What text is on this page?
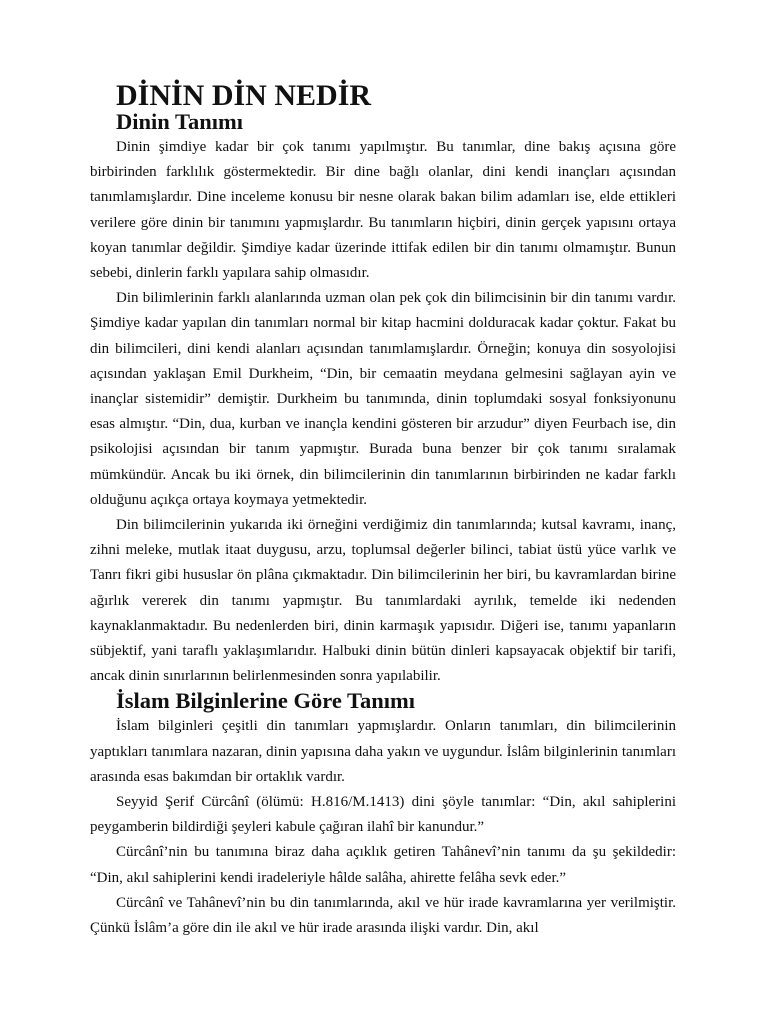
DİNİN DİN NEDİR
Dinin Tanımı

Dinin şimdiye kadar bir çok tanımı yapılmıştır. Bu tanımlar, dine bakış açısına göre birbirinden farklılık göstermektedir. Bir dine bağlı olanlar, dini kendi inançları açısından tanımlamışlardır. Dine inceleme konusu bir nesne olarak bakan bilim adamları ise, elde ettikleri verilere göre dinin bir tanımını yapmışlardır. Bu tanımların hiçbiri, dinin gerçek yapısını ortaya koyan tanımlar değildir. Şimdiye kadar üzerinde ittifak edilen bir din tanımı olmamıştır. Bunun sebebi, dinlerin farklı yapılara sahip olmasıdır.

Din bilimlerinin farklı alanlarında uzman olan pek çok din bilimcisinin bir din tanımı vardır. Şimdiye kadar yapılan din tanımları normal bir kitap hacmini dolduracak kadar çoktur. Fakat bu din bilimcileri, dini kendi alanları açısından tanımlamışlardır. Örneğin; konuya din sosyolojisi açısından yaklaşan Emil Durkheim, “Din, bir cemaatin meydana gelmesini sağlayan ayin ve inançlar sistemidir” demiştir. Durkheim bu tanımında, dinin toplumdaki sosyal fonksiyonunu esas almıştır. “Din, dua, kurban ve inançla kendini gösteren bir arzudur” diyen Feurbach ise, din psikolojisi açısından bir tanım yapmıştır. Burada buna benzer bir çok tanımı sıralamak mümkündür. Ancak bu iki örnek, din bilimcilerinin din tanımlarının birbirinden ne kadar farklı olduğunu açıkça ortaya koymaya yetmektedir.

Din bilimcilerinin yukarıda iki örneğini verdiğimiz din tanımlarında; kutsal kavramı, inanç, zihni meleke, mutlak itaat duygusu, arzu, toplumsal değerler bilinci, tabiat üstü yüce varlık ve Tanrı fikri gibi hususlar ön plâna çıkmaktadır. Din bilimcilerinin her biri, bu kavramlardan birine ağırlık vererek din tanımı yapmıştır. Bu tanımlardaki ayrılık, temelde iki nedenden kaynaklanmaktadır. Bu nedenlerden biri, dinin karmaşık yapısıdır. Diğeri ise, tanımı yapanların sübjektif, yani taraflı yaklaşımlarıdır. Halbuki dinin bütün dinleri kapsayacak objektif bir tarifi, ancak dinin sınırlarının belirlenmesinden sonra yapılabilir.

İslam Bilginlerine Göre Tanımı

İslam bilginleri çeşitli din tanımları yapmışlardır. Onların tanımları, din bilimcilerinin yaptıkları tanımlara nazaran, dinin yapısına daha yakın ve uygundur. İslâm bilginlerinin tanımları arasında esas bakımdan bir ortaklık vardır.

Seyyid Şerif Cürcânî (ölümü: H.816/M.1413) dini şöyle tanımlar: “Din, akıl sahiplerini peygamberin bildirdiği şeyleri kabule çağıran ilahî bir kanundur.”

Cürcânî’nin bu tanımına biraz daha açıklık getiren Tahânevî’nin tanımı da şu şekildedir: “Din, akıl sahiplerini kendi iradeleriyle hâlde salâha, ahirette felâha sevk eder.”

Cürcânî ve Tahânevî’nin bu din tanımlarında, akıl ve hür irade kavramlarına yer verilmiştir. Çünkü İslâm’a göre din ile akıl ve hür irade arasında ilişki vardır. Din, akıl
